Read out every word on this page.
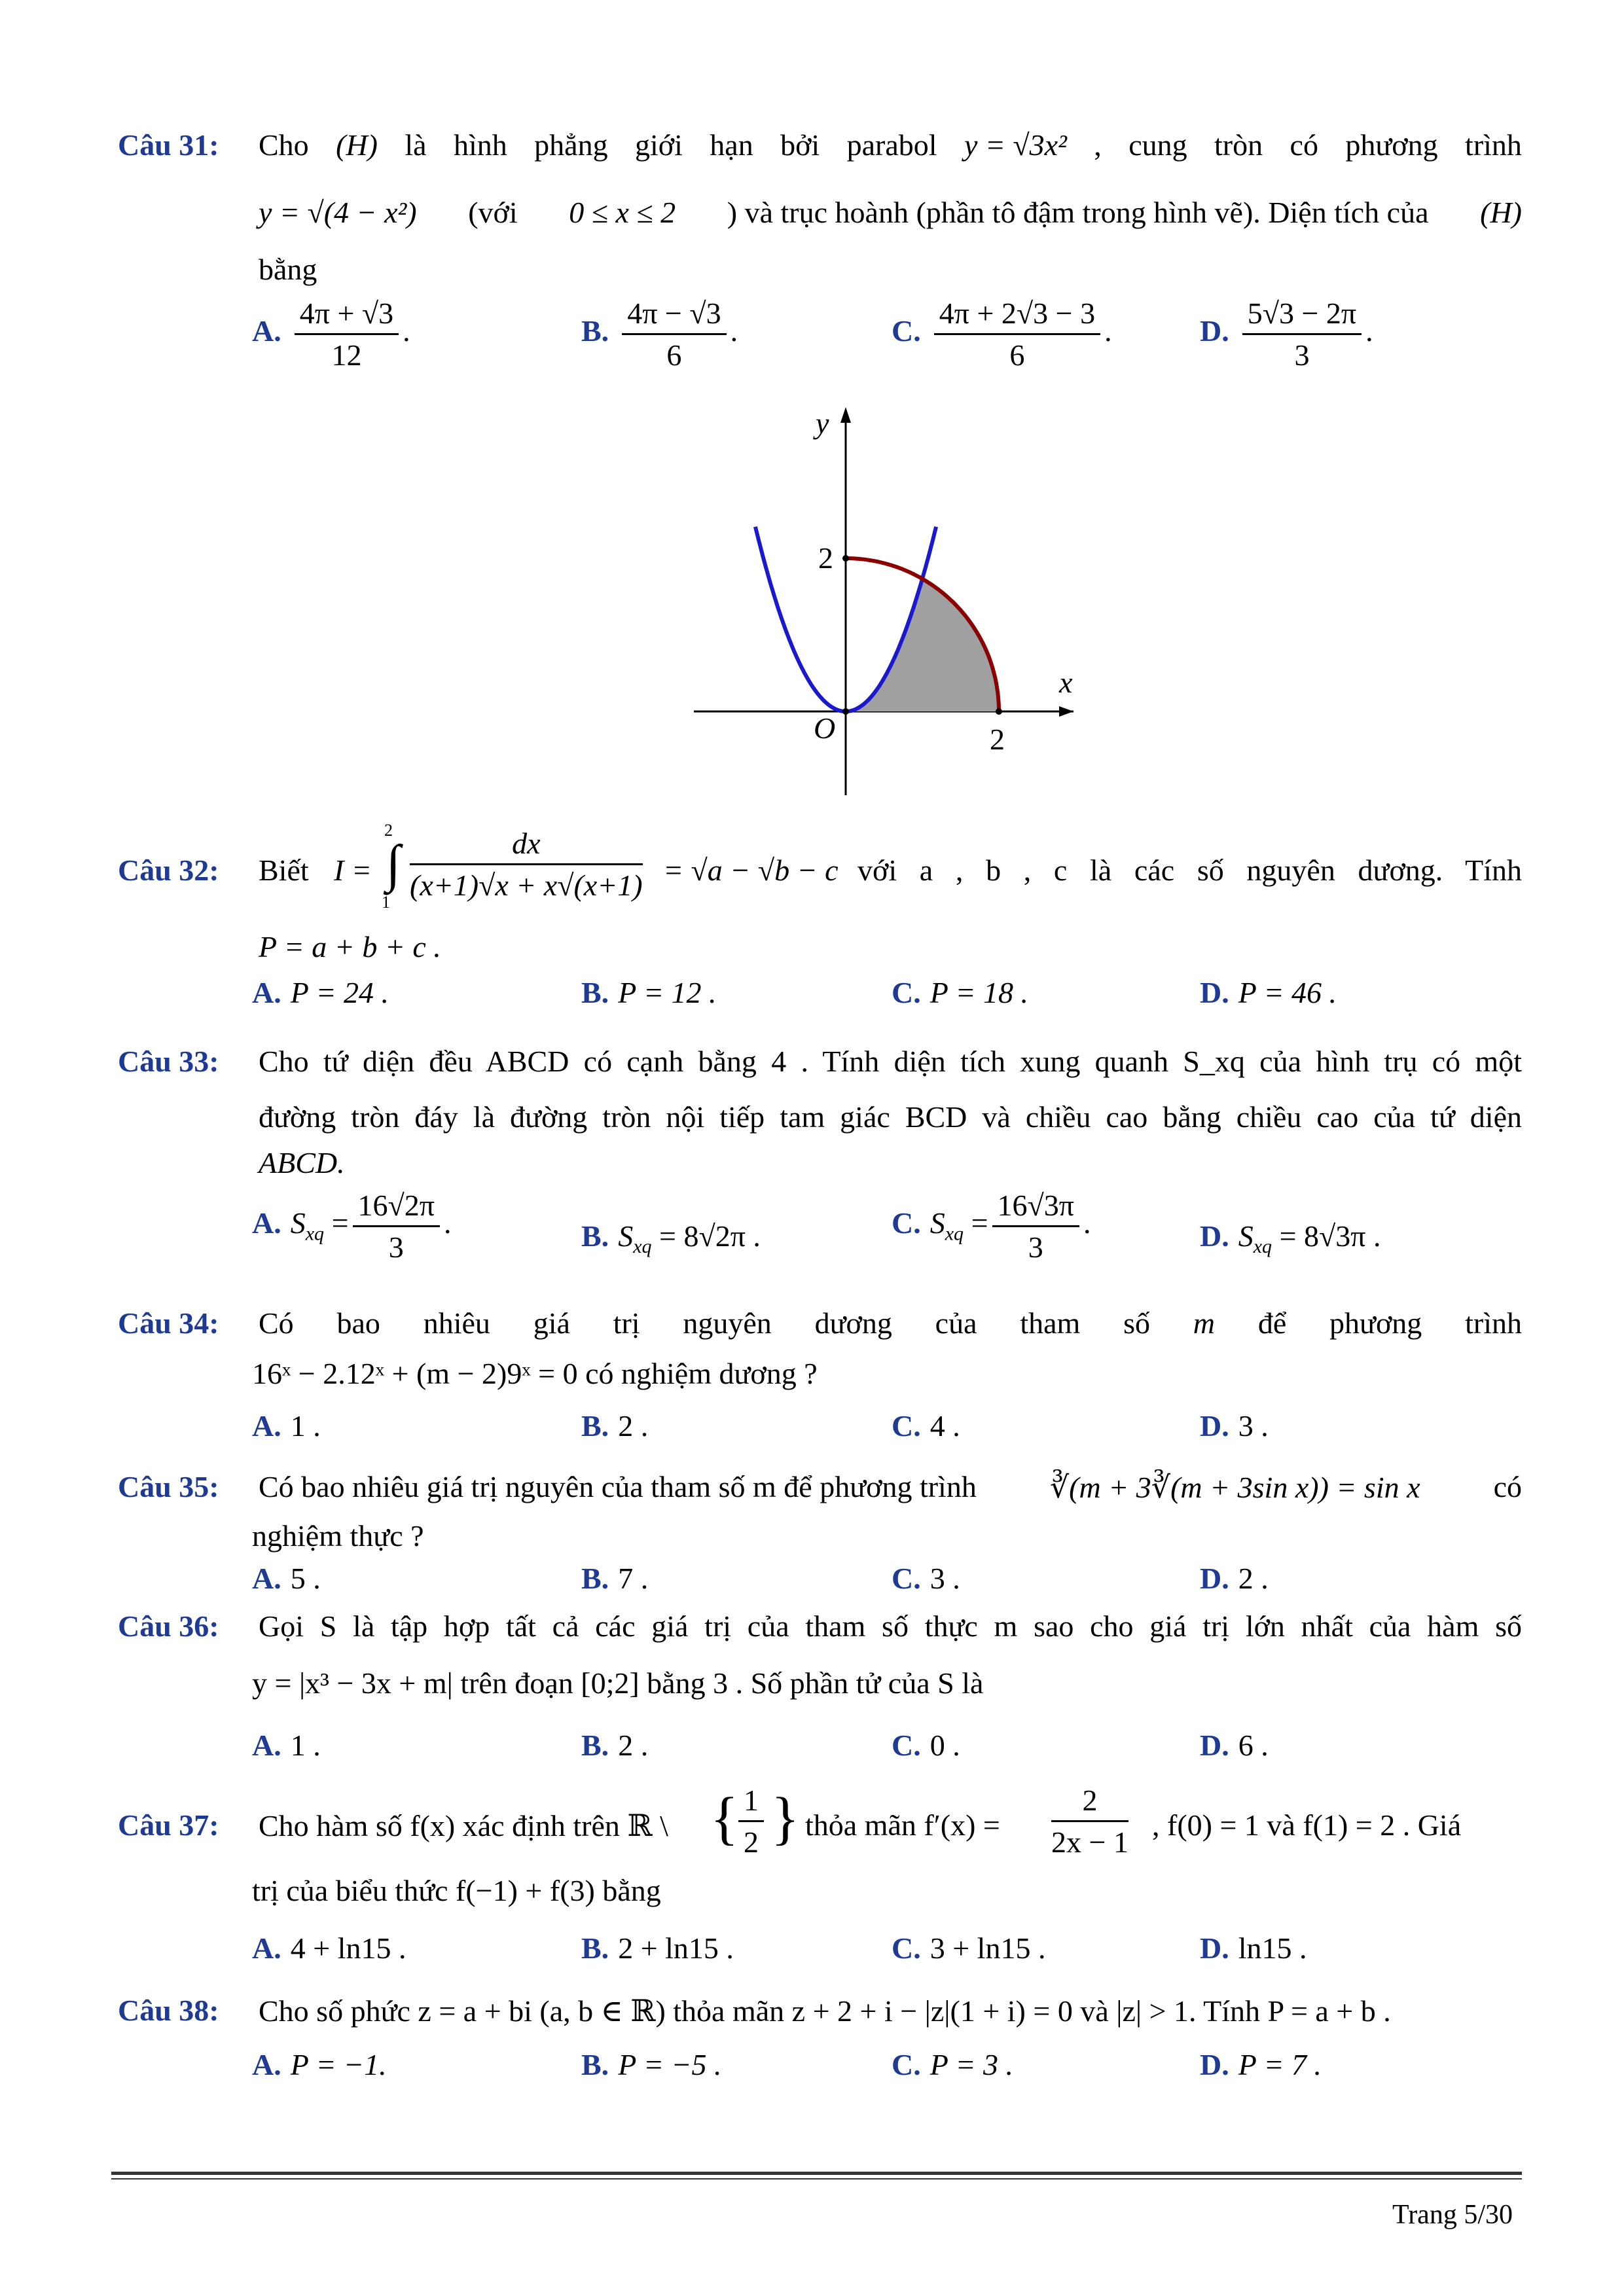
Câu 31: Cho (H) là hình phẳng giới hạn bởi parabol y = √3x² , cung tròn có phương trình
y = √(4 − x²) (với 0 ≤ x ≤ 2 ) và trục hoành (phần tô đậm trong hình vẽ). Diện tích của (H)
bằng
A. $\frac{4\pi + √3}{12}$ .	B. $\frac{4\pi - √3}{6}$ .	C. $\frac{4\pi + 2√3 - 3}{6}$ .	D. $\frac{5√3 - 2\pi}{3}$ .
y
x
O
2
2
Câu 32: Biết I = ∫
2
$1 \frac{dx}{(x+1)√x + x√(x+1)} = √a - √b - c$ với a , b , c là các số nguyên dương. Tính
P = a + b + c .
A. P = 24 .	B. P = 12 .	C. P = 18 .	D. P = 46 .
Câu 33: Cho tứ diện đều ABCD có cạnh bằng 4 . Tính diện tích xung quanh S_xq của hình trụ có một
đường tròn đáy là đường tròn nội tiếp tam giác BCD và chiều cao bằng chiều cao của tứ diện
ABCD.
A. $S_{xq} = \frac{16√2\pi}{3}$ .	B. $S_{xq} = 8√2\pi$ .	C. $S_{xq} = \frac{16√3\pi}{3}$ .	D. $S_{xq} = 8√3\pi$ .
Câu 34: Có bao nhiêu giá trị nguyên dương của tham số m để phương trình
16ˣ − 2.12ˣ + (m − 2)9ˣ = 0 có nghiệm dương ?
A. 1 .	B. 2 .	C. 4 .	D. 3 .
Câu 35: Có bao nhiêu giá trị nguyên của tham số m để phương trình ∛(m + 3∛(m + 3sin x)) = sin x có
nghiệm thực ?
A. 5 .	B. 7 .	C. 3 .	D. 2 .
Câu 36: Gọi S là tập hợp tất cả các giá trị của tham số thực m sao cho giá trị lớn nhất của hàm số
y = |x³ − 3x + m| trên đoạn [0;2] bằng 3 . Số phần tử của S là
A. 1 .	B. 2 .	C. 0 .	D. 6 .
Câu 37: Cho hàm số f(x) xác định trên ℝ \ { $\frac{1}{2}$ } thỏa mãn $f'(x) = \frac{2}{2x - 1}$ , f(0) = 1 và f(1) = 2 . Giá
trị của biểu thức f(−1) + f(3) bằng
A. 4 + ln15 .	B. 2 + ln15 .	C. 3 + ln15 .	D. ln15 .
Câu 38: Cho số phức z = a + bi (a, b ∈ ℝ) thỏa mãn z + 2 + i − |z|(1 + i) = 0 và |z| > 1. Tính P = a + b .
A. P = −1.	B. P = −5 .	C. P = 3 .	D. P = 7 .
Trang 5/30
